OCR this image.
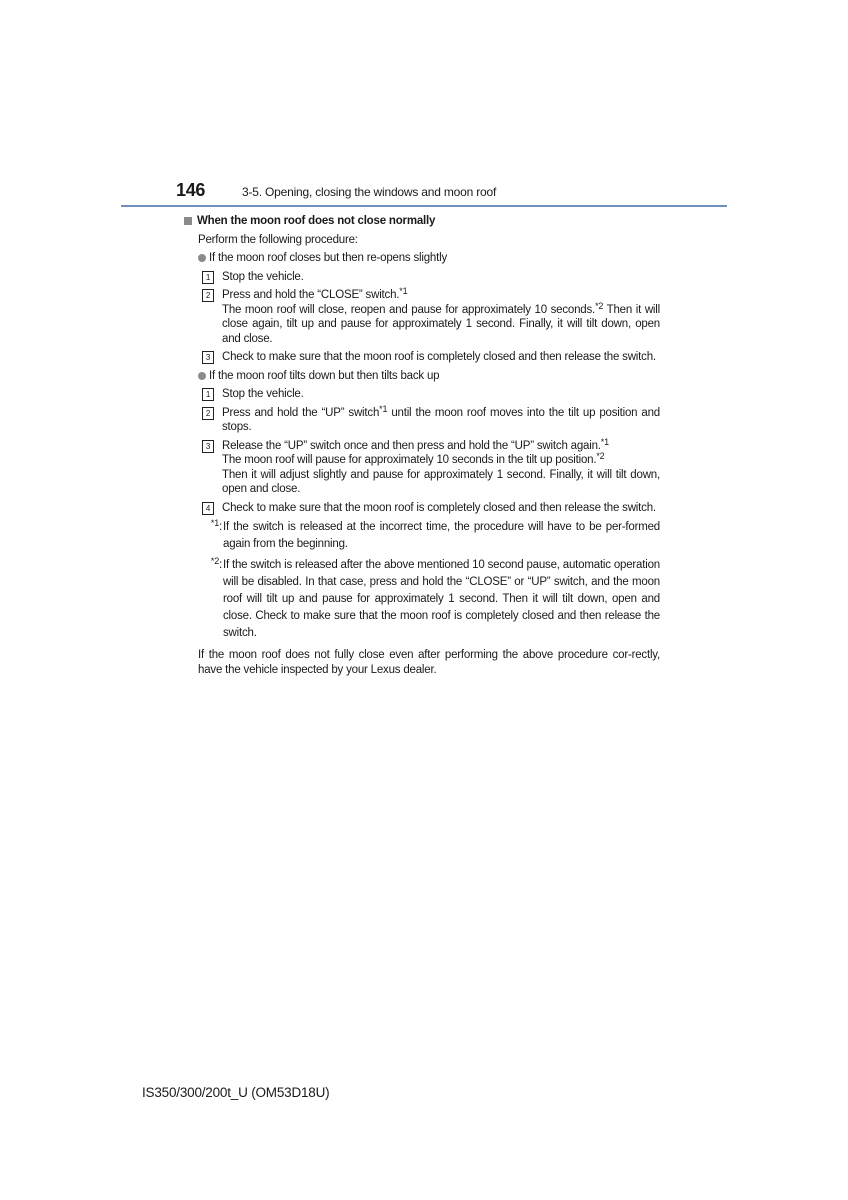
146	3-5. Opening, closing the windows and moon roof
When the moon roof does not close normally
Perform the following procedure:
If the moon roof closes but then re-opens slightly
1	Stop the vehicle.
2	Press and hold the “CLOSE” switch.$^{*1}$
The moon roof will close, reopen and pause for approximately 10 seconds.$^{*2}$ Then it will close again, tilt up and pause for approximately 1 second. Finally, it will tilt down, open and close.
3	Check to make sure that the moon roof is completely closed and then release the switch.
If the moon roof tilts down but then tilts back up
1	Stop the vehicle.
2	Press and hold the “UP” switch$^{*1}$ until the moon roof moves into the tilt up position and stops.
3	Release the “UP” switch once and then press and hold the “UP” switch again.$^{*1}$
The moon roof will pause for approximately 10 seconds in the tilt up position.$^{*2}$
Then it will adjust slightly and pause for approximately 1 second. Finally, it will tilt down, open and close.
4	Check to make sure that the moon roof is completely closed and then release the switch.
$^{*1}$: If the switch is released at the incorrect time, the procedure will have to be per-formed again from the beginning.
$^{*2}$: If the switch is released after the above mentioned 10 second pause, automatic operation will be disabled. In that case, press and hold the “CLOSE” or “UP” switch, and the moon roof will tilt up and pause for approximately 1 second. Then it will tilt down, open and close. Check to make sure that the moon roof is completely closed and then release the switch.
If the moon roof does not fully close even after performing the above procedure cor-rectly, have the vehicle inspected by your Lexus dealer.
IS350/300/200t_U (OM53D18U)
